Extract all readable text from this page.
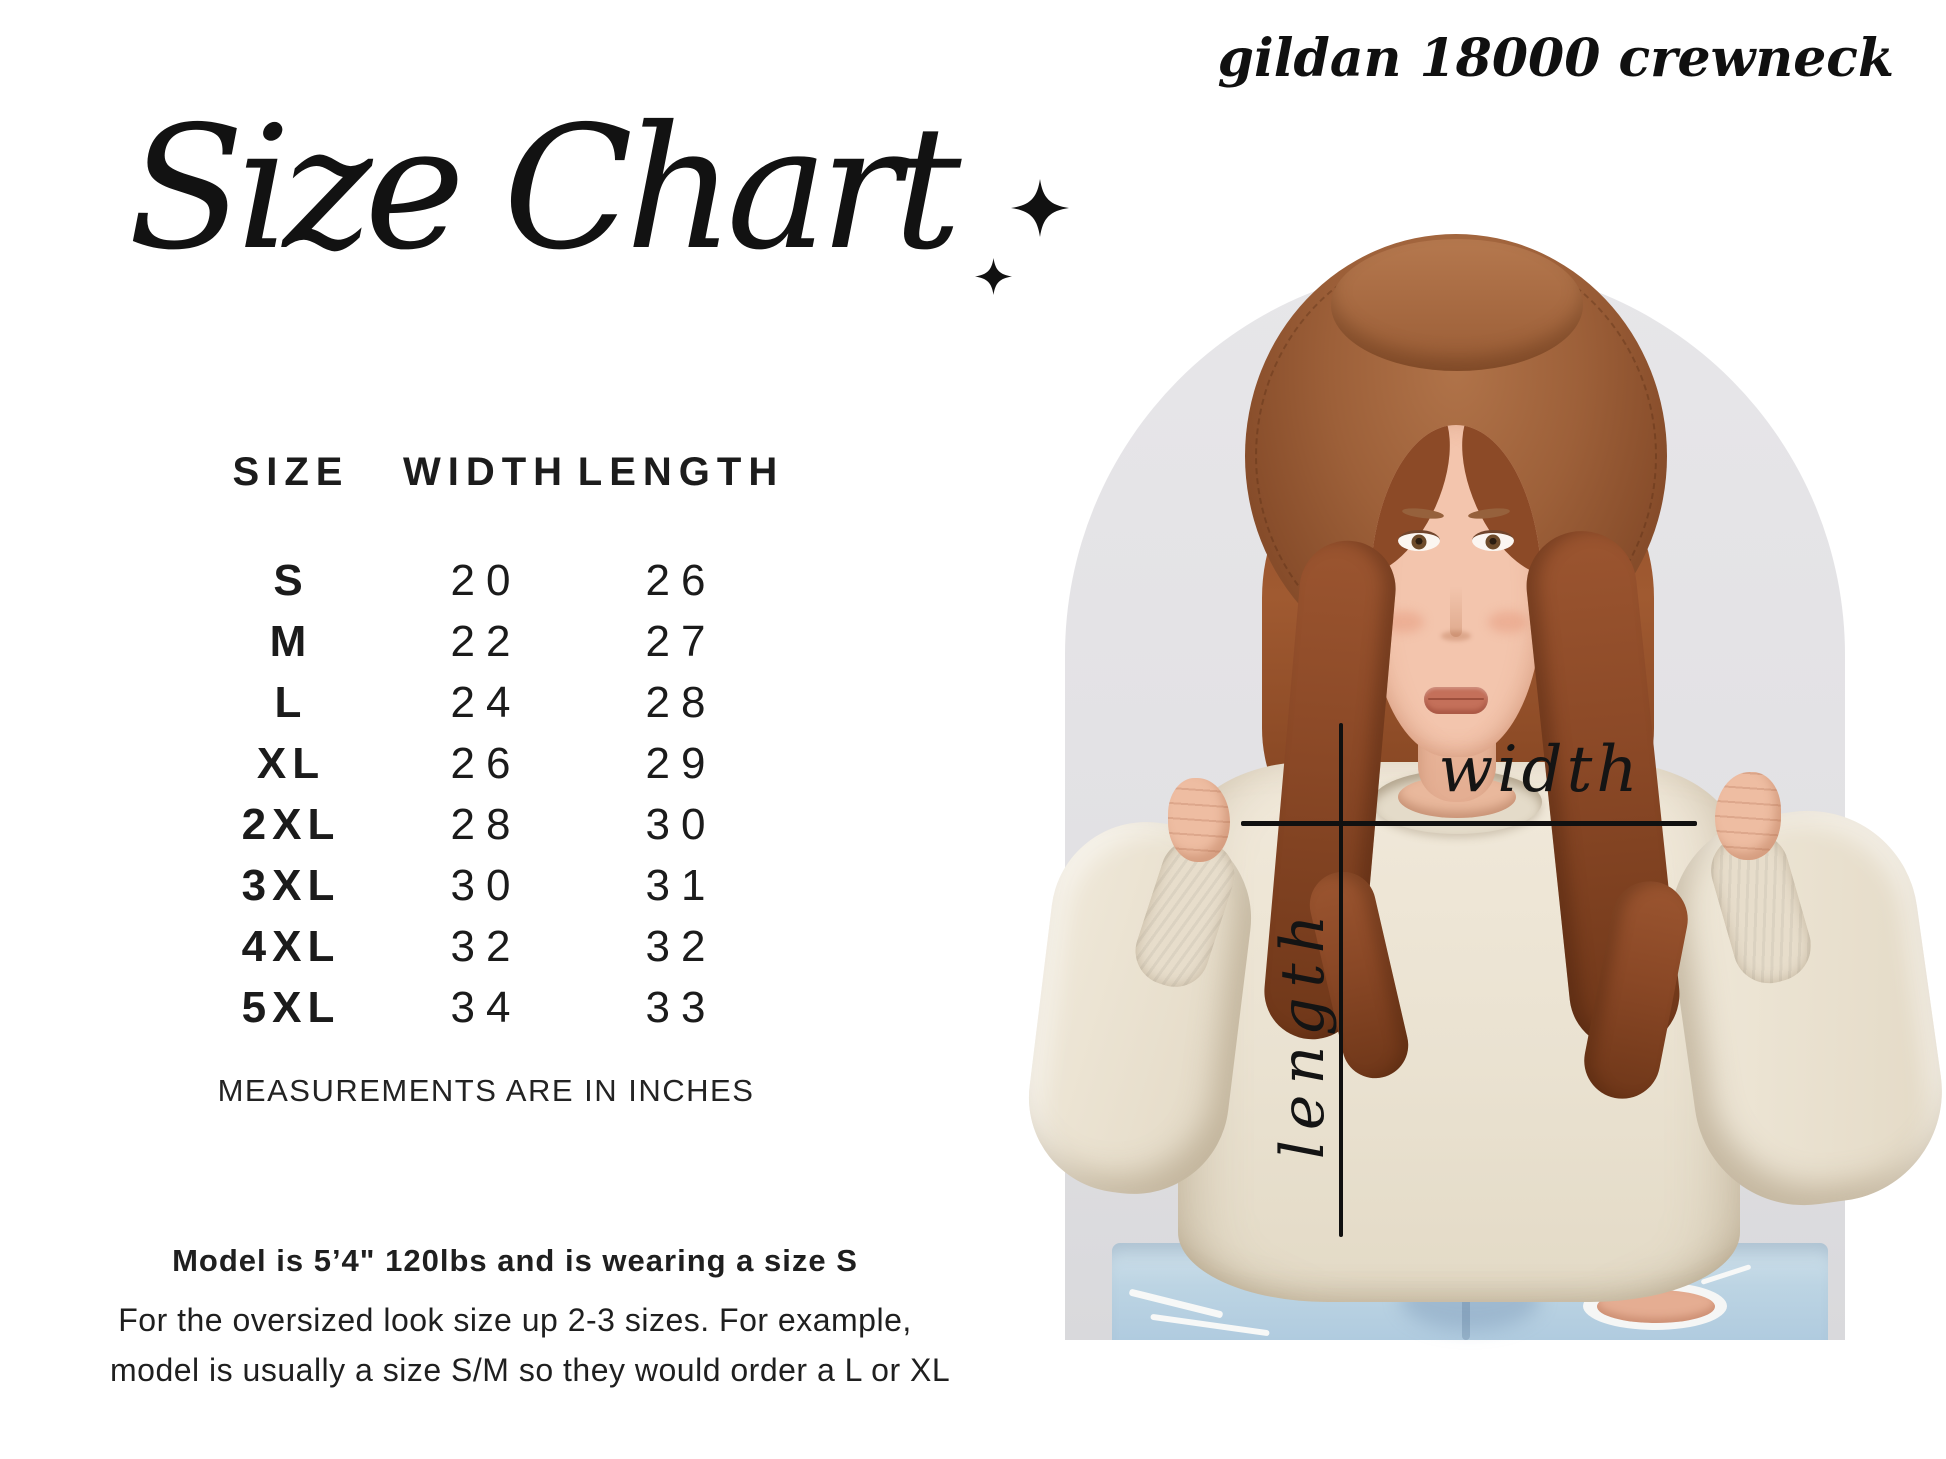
gildan 18000 crewneck
Size Chart
SIZE	WIDTH LENGTH
S	20	26
M	22	27
L	24	28
XL	26	29
2XL	28	30
3XL	30	31
4XL	32	32
5XL	34	33
MEASUREMENTS ARE IN INCHES
Model is 5’4" 120lbs and is wearing a size S
For the oversized look size up 2-3 sizes. For example,
model is usually a size S/M so they would order a L or XL
width
length
